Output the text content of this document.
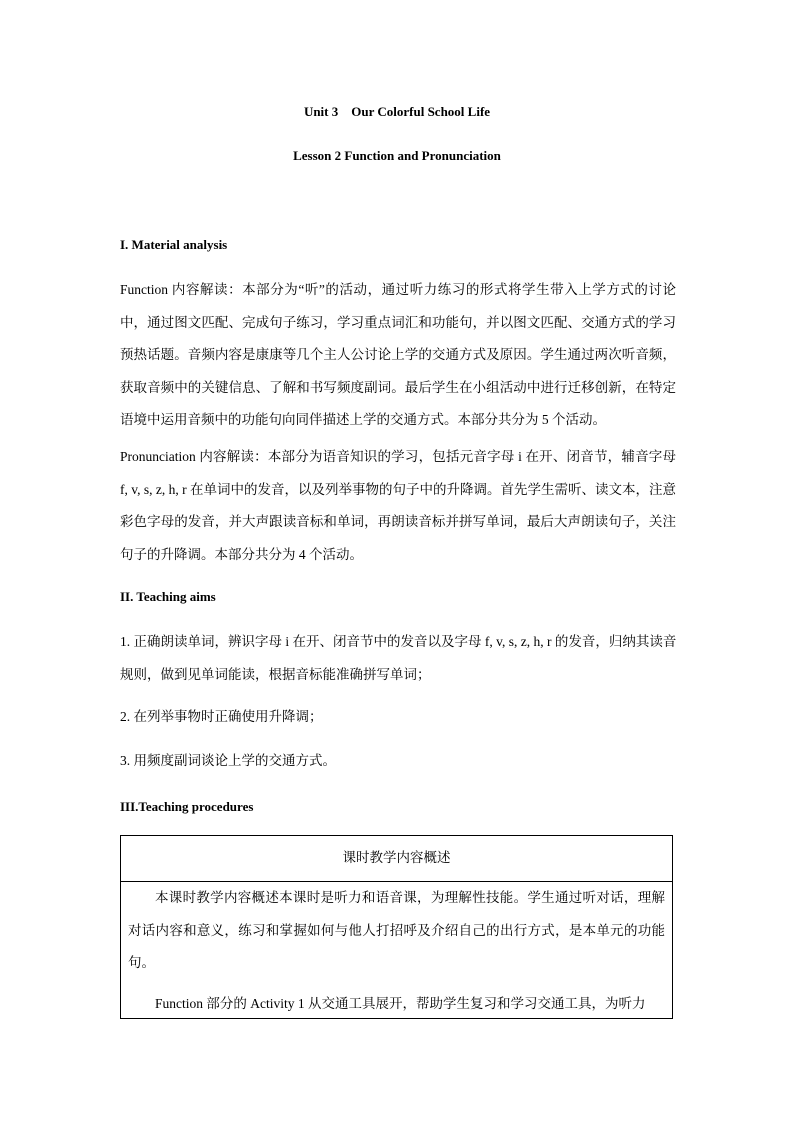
Unit 3    Our Colorful School Life
Lesson 2 Function and Pronunciation
I. Material analysis
Function 内容解读：本部分为“听”的活动，通过听力练习的形式将学生带入上学方式的讨论中，通过图文匹配、完成句子练习，学习重点词汇和功能句，并以图文匹配、交通方式的学习预热话题。音频内容是康康等几个主人公讨论上学的交通方式及原因。学生通过两次听音频，获取音频中的关键信息、了解和书写频度副词。最后学生在小组活动中进行迁移创新，在特定语境中运用音频中的功能句向同伴描述上学的交通方式。本部分共分为 5 个活动。
Pronunciation 内容解读：本部分为语音知识的学习，包括元音字母 i 在开、闭音节，辅音字母 f, v, s, z, h, r 在单词中的发音，以及列举事物的句子中的升降调。首先学生需听、读文本，注意彩色字母的发音，并大声跟读音标和单词，再朗读音标并拼写单词，最后大声朗读句子，关注句子的升降调。本部分共分为 4 个活动。
II. Teaching aims
1. 正确朗读单词，辨识字母 i 在开、闭音节中的发音以及字母 f, v, s, z, h, r 的发音，归纳其读音规则，做到见单词能读，根据音标能准确拼写单词；
2. 在列举事物时正确使用升降调；
3. 用频度副词谈论上学的交通方式。
III.Teaching procedures
课时教学内容概述

本课时教学内容概述本课时是听力和语音课，为理解性技能。学生通过听对话，理解对话内容和意义，练习和掌握如何与他人打招呼及介绍自己的出行方式，是本单元的功能句。

Function 部分的 Activity 1 从交通工具展开，帮助学生复习和学习交通工具，为听力
